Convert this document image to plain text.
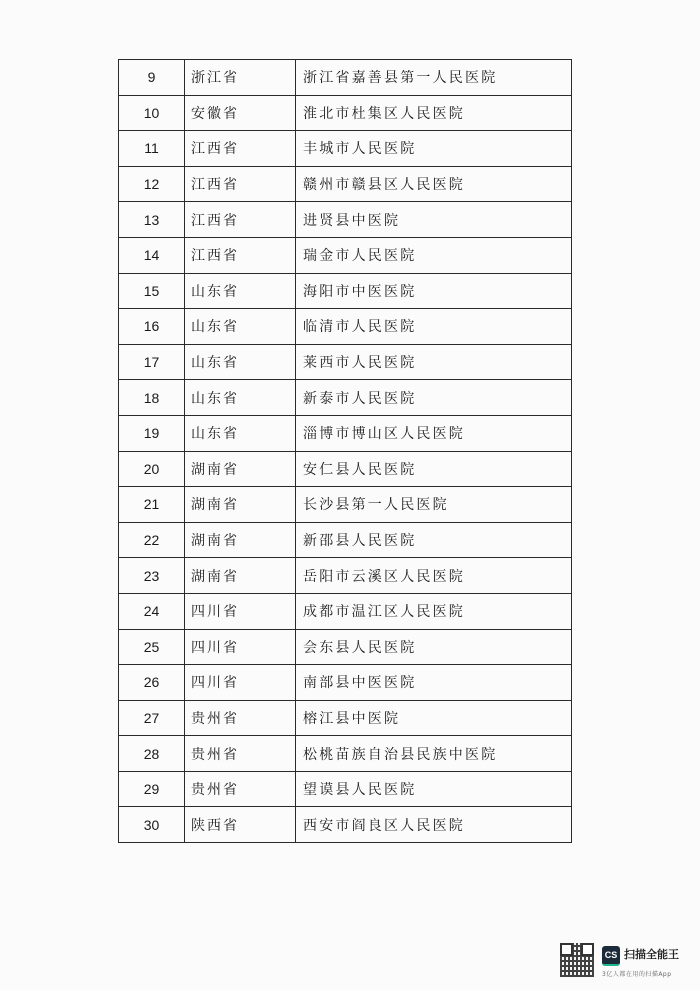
9	浙江省	浙江省嘉善县第一人民医院
10	安徽省	淮北市杜集区人民医院
11	江西省	丰城市人民医院
12	江西省	赣州市赣县区人民医院
13	江西省	进贤县中医院
14	江西省	瑞金市人民医院
15	山东省	海阳市中医医院
16	山东省	临清市人民医院
17	山东省	莱西市人民医院
18	山东省	新泰市人民医院
19	山东省	淄博市博山区人民医院
20	湖南省	安仁县人民医院
21	湖南省	长沙县第一人民医院
22	湖南省	新邵县人民医院
23	湖南省	岳阳市云溪区人民医院
24	四川省	成都市温江区人民医院
25	四川省	会东县人民医院
26	四川省	南部县中医医院
27	贵州省	榕江县中医院
28	贵州省	松桃苗族自治县民族中医院
29	贵州省	望谟县人民医院
30	陕西省	西安市阎良区人民医院
CS 扫描全能王
3亿人都在用的扫描App
